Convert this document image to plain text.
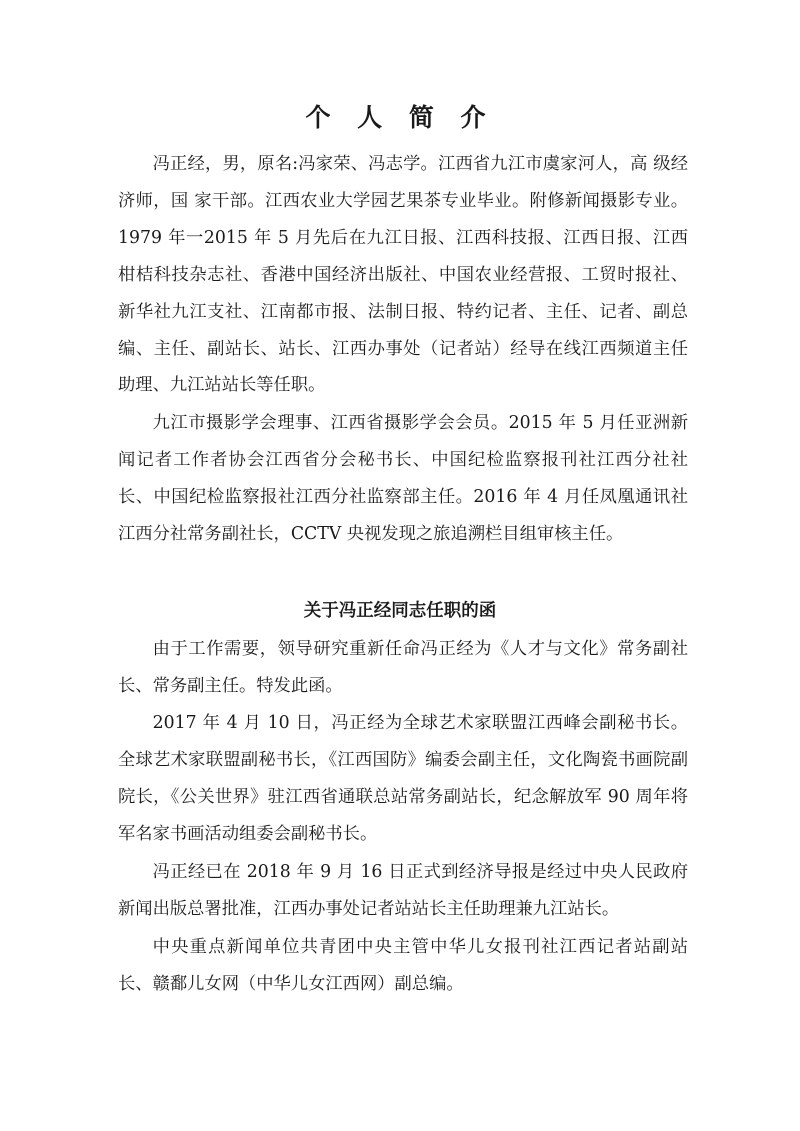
个 人 简 介

冯正经，男，原名:冯家荣、冯志学。江西省九江市虞家河人，高 级经济师，国 家干部。江西农业大学园艺果茶专业毕业。附修新闻摄影专业。1979 年一2015 年 5 月先后在九江日报、江西科技报、江西日报、江西柑桔科技杂志社、香港中国经济出版社、中国农业经营报、工贸时报社、新华社九江支社、江南都市报、法制日报、特约记者、主任、记者、副总编、主任、副站长、站长、江西办事处（记者站）经导在线江西频道主任助理、九江站站长等任职。

九江市摄影学会理事、江西省摄影学会会员。2015 年 5 月任亚洲新闻记者工作者协会江西省分会秘书长、中国纪检监察报刊社江西分社社长、中国纪检监察报社江西分社监察部主任。2016 年 4 月任凤凰通讯社江西分社常务副社长，CCTV 央视发现之旅追溯栏目组审核主任。

关于冯正经同志任职的函

由于工作需要，领导研究重新任命冯正经为《人才与文化》常务副社长、常务副主任。特发此函。

2017 年 4 月 10 日，冯正经为全球艺术家联盟江西峰会副秘书长。全球艺术家联盟副秘书长，《江西国防》编委会副主任，文化陶瓷书画院副院长，《公关世界》驻江西省通联总站常务副站长，纪念解放军 90 周年将军名家书画活动组委会副秘书长。

冯正经已在 2018 年 9 月 16 日正式到经济导报是经过中央人民政府新闻出版总署批准，江西办事处记者站站长主任助理兼九江站长。

中央重点新闻单位共青团中央主管中华儿女报刊社江西记者站副站长、赣鄱儿女网（中华儿女江西网）副总编。
